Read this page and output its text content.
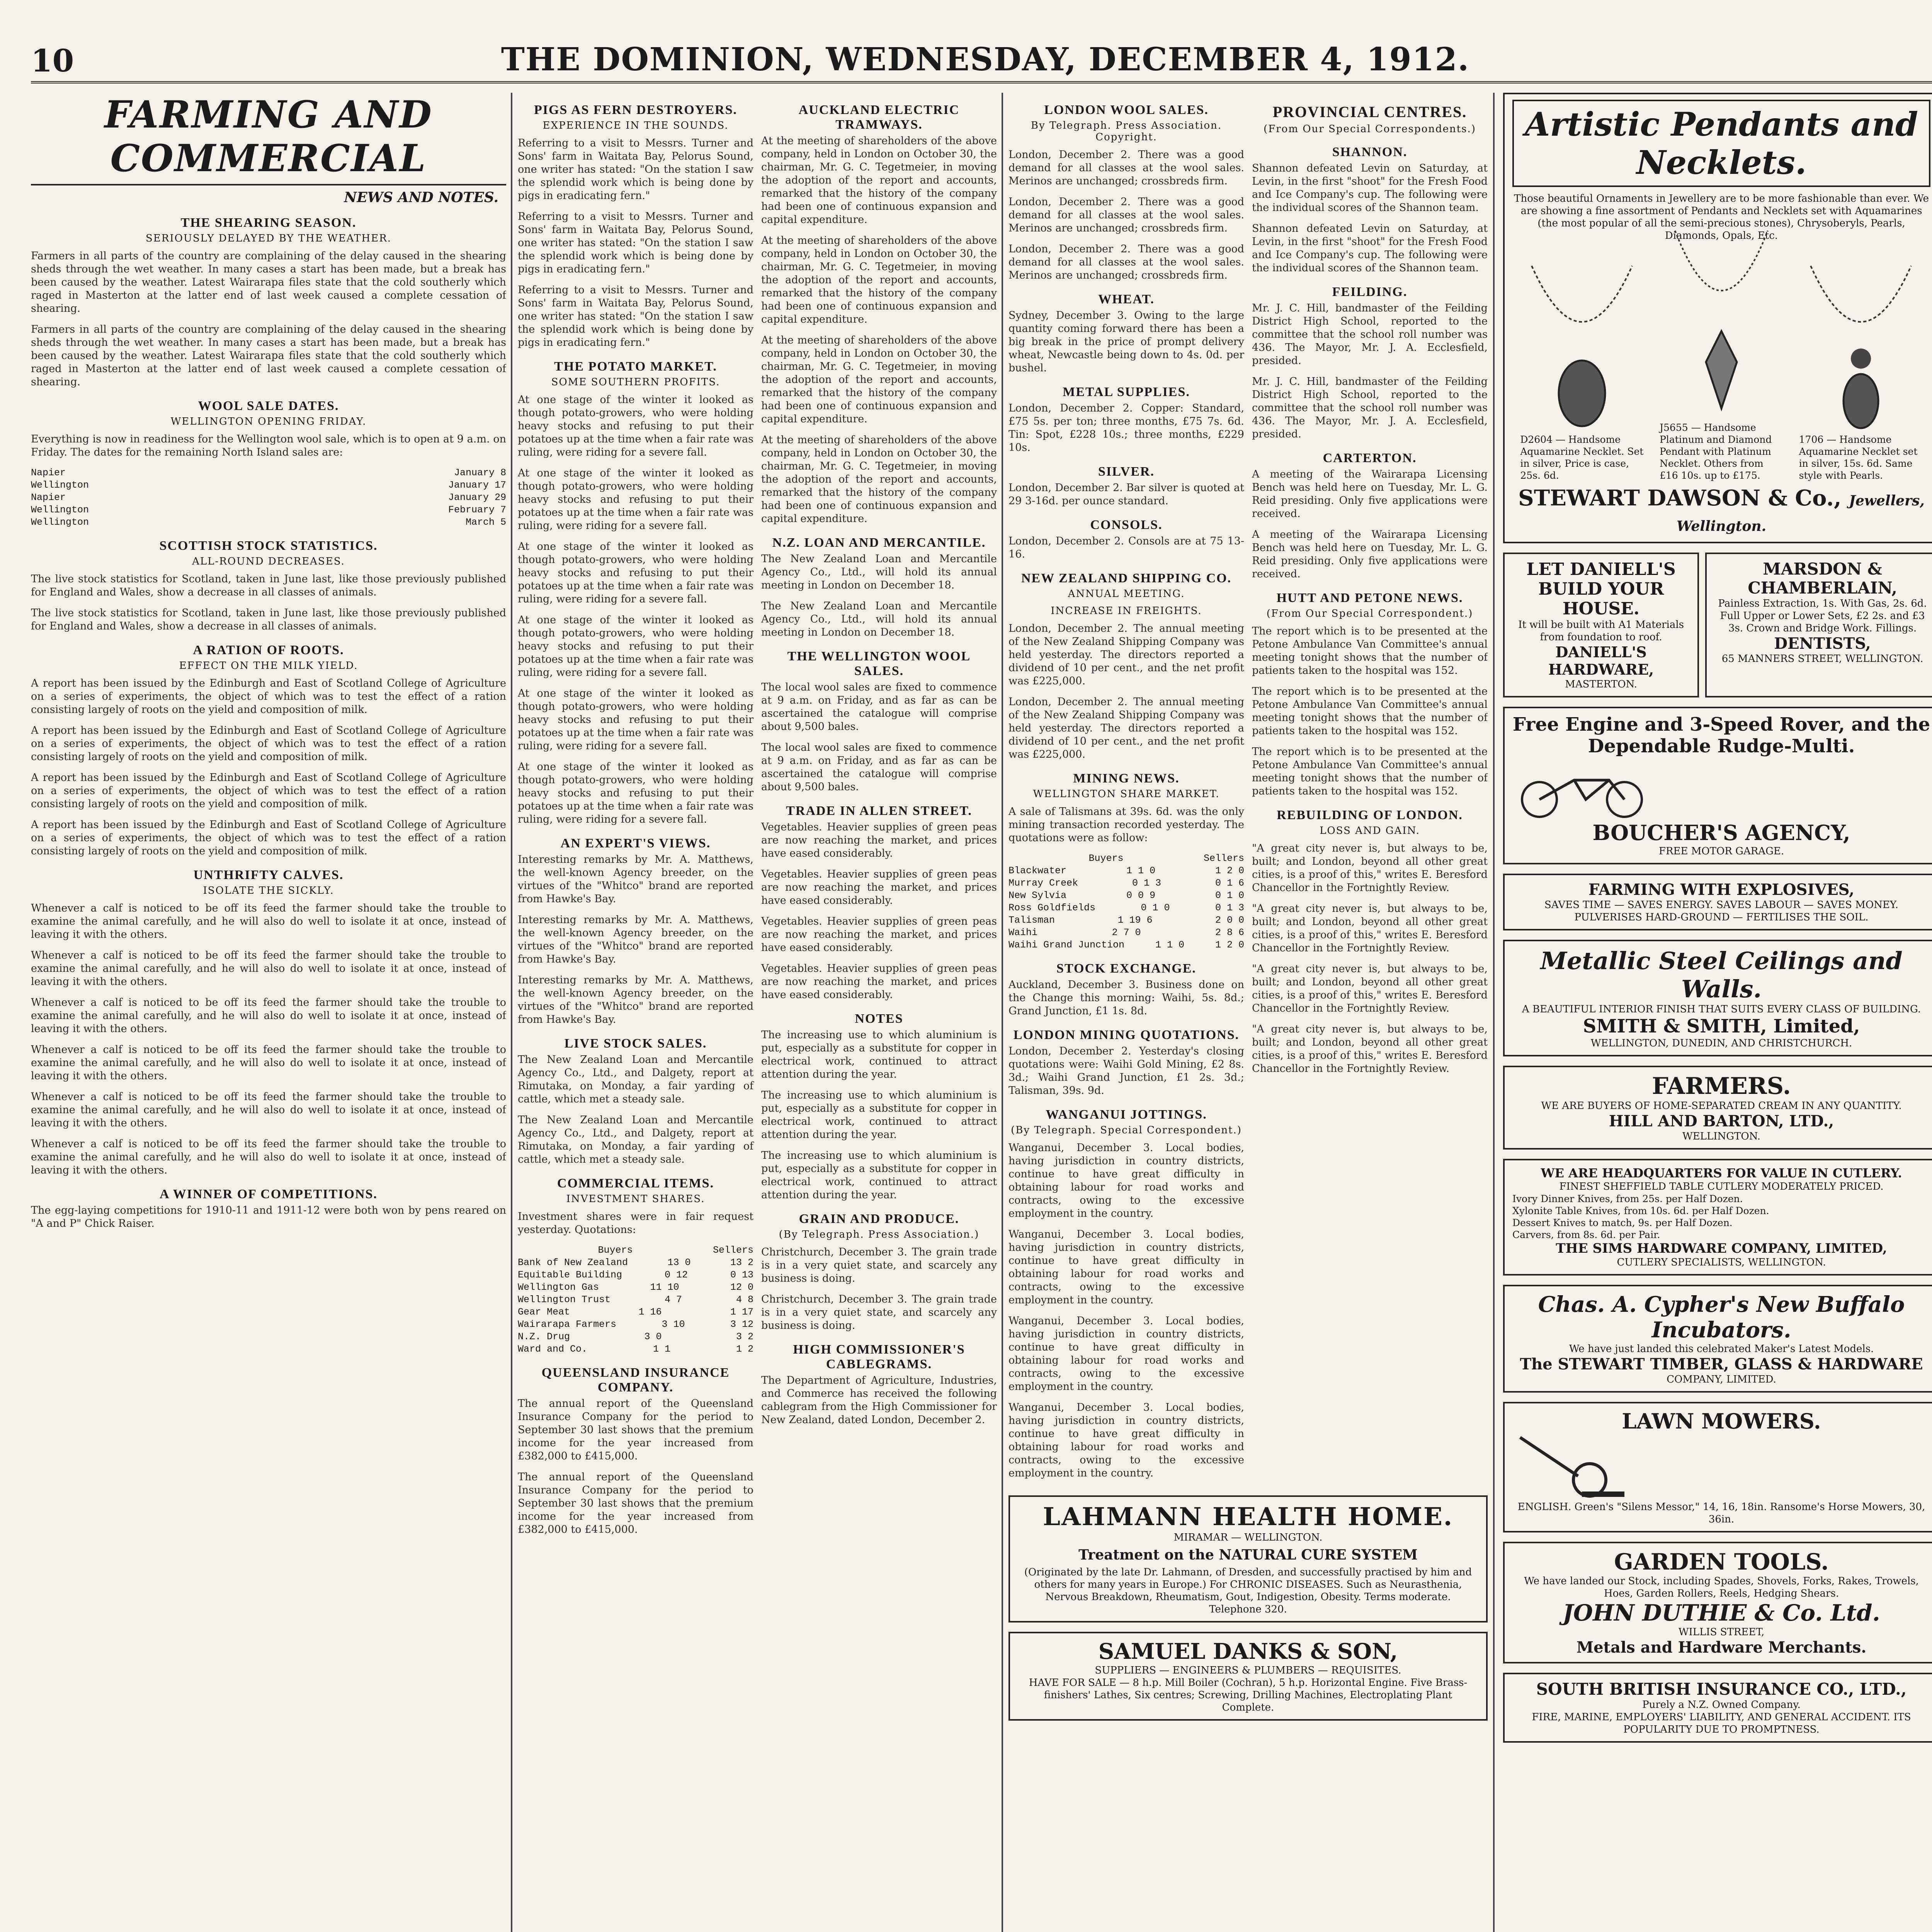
10	THE DOMINION, WEDNESDAY, DECEMBER 4, 1912.
FARMING AND COMMERCIAL
NEWS AND NOTES.
THE SHEARING SEASON.
SERIOUSLY DELAYED BY THE WEATHER.

Farmers in all parts of the country are complaining of the delay caused in the shearing sheds through the wet weather. In many cases a start has been made, but a break has been caused by the weather. Latest Wairarapa files state that the cold southerly which raged in Masterton at the latter end of last week caused a complete cessation of shearing.

Farmers in all parts of the country are complaining of the delay caused in the shearing sheds through the wet weather. In many cases a start has been made, but a break has been caused by the weather. Latest Wairarapa files state that the cold southerly which raged in Masterton at the latter end of last week caused a complete cessation of shearing.

WOOL SALE DATES.
WELLINGTON OPENING FRIDAY.

Everything is now in readiness for the Wellington wool sale, which is to open at 9 a.m. on Friday. The dates for the remaining North Island sales are:

Napier	January 8
Wellington	January 17
Napier	January 29
Wellington	February 7
Wellington	March 5
SCOTTISH STOCK STATISTICS.
ALL-ROUND DECREASES.

The live stock statistics for Scotland, taken in June last, like those previously published for England and Wales, show a decrease in all classes of animals.

The live stock statistics for Scotland, taken in June last, like those previously published for England and Wales, show a decrease in all classes of animals.

A RATION OF ROOTS.
EFFECT ON THE MILK YIELD.

A report has been issued by the Edinburgh and East of Scotland College of Agriculture on a series of experiments, the object of which was to test the effect of a ration consisting largely of roots on the yield and composition of milk.

A report has been issued by the Edinburgh and East of Scotland College of Agriculture on a series of experiments, the object of which was to test the effect of a ration consisting largely of roots on the yield and composition of milk.

A report has been issued by the Edinburgh and East of Scotland College of Agriculture on a series of experiments, the object of which was to test the effect of a ration consisting largely of roots on the yield and composition of milk.

A report has been issued by the Edinburgh and East of Scotland College of Agriculture on a series of experiments, the object of which was to test the effect of a ration consisting largely of roots on the yield and composition of milk.

UNTHRIFTY CALVES.
ISOLATE THE SICKLY.

Whenever a calf is noticed to be off its feed the farmer should take the trouble to examine the animal carefully, and he will also do well to isolate it at once, instead of leaving it with the others.

Whenever a calf is noticed to be off its feed the farmer should take the trouble to examine the animal carefully, and he will also do well to isolate it at once, instead of leaving it with the others.

Whenever a calf is noticed to be off its feed the farmer should take the trouble to examine the animal carefully, and he will also do well to isolate it at once, instead of leaving it with the others.

Whenever a calf is noticed to be off its feed the farmer should take the trouble to examine the animal carefully, and he will also do well to isolate it at once, instead of leaving it with the others.

Whenever a calf is noticed to be off its feed the farmer should take the trouble to examine the animal carefully, and he will also do well to isolate it at once, instead of leaving it with the others.

Whenever a calf is noticed to be off its feed the farmer should take the trouble to examine the animal carefully, and he will also do well to isolate it at once, instead of leaving it with the others.

A WINNER OF COMPETITIONS.

The egg-laying competitions for 1910-11 and 1911-12 were both won by pens reared on "A and P" Chick Raiser.

PIGS AS FERN DESTROYERS.
EXPERIENCE IN THE SOUNDS.

Referring to a visit to Messrs. Turner and Sons' farm in Waitata Bay, Pelorus Sound, one writer has stated: "On the station I saw the splendid work which is being done by pigs in eradicating fern."

Referring to a visit to Messrs. Turner and Sons' farm in Waitata Bay, Pelorus Sound, one writer has stated: "On the station I saw the splendid work which is being done by pigs in eradicating fern."

Referring to a visit to Messrs. Turner and Sons' farm in Waitata Bay, Pelorus Sound, one writer has stated: "On the station I saw the splendid work which is being done by pigs in eradicating fern."

THE POTATO MARKET.
SOME SOUTHERN PROFITS.

At one stage of the winter it looked as though potato-growers, who were holding heavy stocks and refusing to put their potatoes up at the time when a fair rate was ruling, were riding for a severe fall.

At one stage of the winter it looked as though potato-growers, who were holding heavy stocks and refusing to put their potatoes up at the time when a fair rate was ruling, were riding for a severe fall.

At one stage of the winter it looked as though potato-growers, who were holding heavy stocks and refusing to put their potatoes up at the time when a fair rate was ruling, were riding for a severe fall.

At one stage of the winter it looked as though potato-growers, who were holding heavy stocks and refusing to put their potatoes up at the time when a fair rate was ruling, were riding for a severe fall.

At one stage of the winter it looked as though potato-growers, who were holding heavy stocks and refusing to put their potatoes up at the time when a fair rate was ruling, were riding for a severe fall.

At one stage of the winter it looked as though potato-growers, who were holding heavy stocks and refusing to put their potatoes up at the time when a fair rate was ruling, were riding for a severe fall.

AN EXPERT'S VIEWS.

Interesting remarks by Mr. A. Matthews, the well-known Agency breeder, on the virtues of the "Whitco" brand are reported from Hawke's Bay.

Interesting remarks by Mr. A. Matthews, the well-known Agency breeder, on the virtues of the "Whitco" brand are reported from Hawke's Bay.

Interesting remarks by Mr. A. Matthews, the well-known Agency breeder, on the virtues of the "Whitco" brand are reported from Hawke's Bay.

LIVE STOCK SALES.

The New Zealand Loan and Mercantile Agency Co., Ltd., and Dalgety, report at Rimutaka, on Monday, a fair yarding of cattle, which met a steady sale.

The New Zealand Loan and Mercantile Agency Co., Ltd., and Dalgety, report at Rimutaka, on Monday, a fair yarding of cattle, which met a steady sale.

COMMERCIAL ITEMS.
INVESTMENT SHARES.

Investment shares were in fair request yesterday. Quotations:

Buyers	Sellers
Bank of New Zealand	13 0	13 2
Equitable Building	0 12	0 13
Wellington Gas	11 10	12 0
Wellington Trust	4 7	4 8
Gear Meat	1 16	1 17
Wairarapa Farmers	3 10	3 12
N.Z. Drug	3 0	3 2
Ward and Co.	1 1	1 2
QUEENSLAND INSURANCE COMPANY.

The annual report of the Queensland Insurance Company for the period to September 30 last shows that the premium income for the year increased from £382,000 to £415,000.

The annual report of the Queensland Insurance Company for the period to September 30 last shows that the premium income for the year increased from £382,000 to £415,000.

AUCKLAND ELECTRIC TRAMWAYS.

At the meeting of shareholders of the above company, held in London on October 30, the chairman, Mr. G. C. Tegetmeier, in moving the adoption of the report and accounts, remarked that the history of the company had been one of continuous expansion and capital expenditure.

At the meeting of shareholders of the above company, held in London on October 30, the chairman, Mr. G. C. Tegetmeier, in moving the adoption of the report and accounts, remarked that the history of the company had been one of continuous expansion and capital expenditure.

At the meeting of shareholders of the above company, held in London on October 30, the chairman, Mr. G. C. Tegetmeier, in moving the adoption of the report and accounts, remarked that the history of the company had been one of continuous expansion and capital expenditure.

At the meeting of shareholders of the above company, held in London on October 30, the chairman, Mr. G. C. Tegetmeier, in moving the adoption of the report and accounts, remarked that the history of the company had been one of continuous expansion and capital expenditure.

N.Z. LOAN AND MERCANTILE.

The New Zealand Loan and Mercantile Agency Co., Ltd., will hold its annual meeting in London on December 18.

The New Zealand Loan and Mercantile Agency Co., Ltd., will hold its annual meeting in London on December 18.

THE WELLINGTON WOOL SALES.

The local wool sales are fixed to commence at 9 a.m. on Friday, and as far as can be ascertained the catalogue will comprise about 9,500 bales.

The local wool sales are fixed to commence at 9 a.m. on Friday, and as far as can be ascertained the catalogue will comprise about 9,500 bales.

TRADE IN ALLEN STREET.

Vegetables. Heavier supplies of green peas are now reaching the market, and prices have eased considerably.

Vegetables. Heavier supplies of green peas are now reaching the market, and prices have eased considerably.

Vegetables. Heavier supplies of green peas are now reaching the market, and prices have eased considerably.

Vegetables. Heavier supplies of green peas are now reaching the market, and prices have eased considerably.

NOTES

The increasing use to which aluminium is put, especially as a substitute for copper in electrical work, continued to attract attention during the year.

The increasing use to which aluminium is put, especially as a substitute for copper in electrical work, continued to attract attention during the year.

The increasing use to which aluminium is put, especially as a substitute for copper in electrical work, continued to attract attention during the year.

GRAIN AND PRODUCE.
(By Telegraph. Press Association.)

Christchurch, December 3. The grain trade is in a very quiet state, and scarcely any business is doing.

Christchurch, December 3. The grain trade is in a very quiet state, and scarcely any business is doing.

HIGH COMMISSIONER'S CABLEGRAMS.

The Department of Agriculture, Industries, and Commerce has received the following cablegram from the High Commissioner for New Zealand, dated London, December 2.

LONDON WOOL SALES.
By Telegraph. Press Association. Copyright.

London, December 2. There was a good demand for all classes at the wool sales. Merinos are unchanged; crossbreds firm.

London, December 2. There was a good demand for all classes at the wool sales. Merinos are unchanged; crossbreds firm.

London, December 2. There was a good demand for all classes at the wool sales. Merinos are unchanged; crossbreds firm.

WHEAT.

Sydney, December 3. Owing to the large quantity coming forward there has been a big break in the price of prompt delivery wheat, Newcastle being down to 4s. 0d. per bushel.

METAL SUPPLIES.

London, December 2. Copper: Standard, £75 5s. per ton; three months, £75 7s. 6d. Tin: Spot, £228 10s.; three months, £229 10s.

SILVER.

London, December 2. Bar silver is quoted at 29 3-16d. per ounce standard.

CONSOLS.

London, December 2. Consols are at 75 13-16.

NEW ZEALAND SHIPPING CO.
ANNUAL MEETING.
INCREASE IN FREIGHTS.

London, December 2. The annual meeting of the New Zealand Shipping Company was held yesterday. The directors reported a dividend of 10 per cent., and the net profit was £225,000.

London, December 2. The annual meeting of the New Zealand Shipping Company was held yesterday. The directors reported a dividend of 10 per cent., and the net profit was £225,000.

MINING NEWS.
WELLINGTON SHARE MARKET.

A sale of Talismans at 39s. 6d. was the only mining transaction recorded yesterday. The quotations were as follow:

Buyers	Sellers
Blackwater	1 1 0	1 2 0
Murray Creek	0 1 3	0 1 6
New Sylvia	0 0 9	0 1 0
Ross Goldfields	0 1 0	0 1 3
Talisman	1 19 6	2 0 0
Waihi	2 7 0	2 8 6
Waihi Grand Junction	1 1 0	1 2 0
STOCK EXCHANGE.

Auckland, December 3. Business done on the Change this morning: Waihi, 5s. 8d.; Grand Junction, £1 1s. 8d.

LONDON MINING QUOTATIONS.

London, December 2. Yesterday's closing quotations were: Waihi Gold Mining, £2 8s. 3d.; Waihi Grand Junction, £1 2s. 3d.; Talisman, 39s. 9d.

WANGANUI JOTTINGS.
(By Telegraph. Special Correspondent.)

Wanganui, December 3. Local bodies, having jurisdiction in country districts, continue to have great difficulty in obtaining labour for road works and contracts, owing to the excessive employment in the country.

Wanganui, December 3. Local bodies, having jurisdiction in country districts, continue to have great difficulty in obtaining labour for road works and contracts, owing to the excessive employment in the country.

Wanganui, December 3. Local bodies, having jurisdiction in country districts, continue to have great difficulty in obtaining labour for road works and contracts, owing to the excessive employment in the country.

Wanganui, December 3. Local bodies, having jurisdiction in country districts, continue to have great difficulty in obtaining labour for road works and contracts, owing to the excessive employment in the country.

PROVINCIAL CENTRES.
(From Our Special Correspondents.)
SHANNON.

Shannon defeated Levin on Saturday, at Levin, in the first "shoot" for the Fresh Food and Ice Company's cup. The following were the individual scores of the Shannon team.

Shannon defeated Levin on Saturday, at Levin, in the first "shoot" for the Fresh Food and Ice Company's cup. The following were the individual scores of the Shannon team.

FEILDING.

Mr. J. C. Hill, bandmaster of the Feilding District High School, reported to the committee that the school roll number was 436. The Mayor, Mr. J. A. Ecclesfield, presided.

Mr. J. C. Hill, bandmaster of the Feilding District High School, reported to the committee that the school roll number was 436. The Mayor, Mr. J. A. Ecclesfield, presided.

CARTERTON.

A meeting of the Wairarapa Licensing Bench was held here on Tuesday, Mr. L. G. Reid presiding. Only five applications were received.

A meeting of the Wairarapa Licensing Bench was held here on Tuesday, Mr. L. G. Reid presiding. Only five applications were received.

HUTT AND PETONE NEWS.
(From Our Special Correspondent.)

The report which is to be presented at the Petone Ambulance Van Committee's annual meeting tonight shows that the number of patients taken to the hospital was 152.

The report which is to be presented at the Petone Ambulance Van Committee's annual meeting tonight shows that the number of patients taken to the hospital was 152.

The report which is to be presented at the Petone Ambulance Van Committee's annual meeting tonight shows that the number of patients taken to the hospital was 152.

REBUILDING OF LONDON.
LOSS AND GAIN.

"A great city never is, but always to be, built; and London, beyond all other great cities, is a proof of this," writes E. Beresford Chancellor in the Fortnightly Review.

"A great city never is, but always to be, built; and London, beyond all other great cities, is a proof of this," writes E. Beresford Chancellor in the Fortnightly Review.

"A great city never is, but always to be, built; and London, beyond all other great cities, is a proof of this," writes E. Beresford Chancellor in the Fortnightly Review.

"A great city never is, but always to be, built; and London, beyond all other great cities, is a proof of this," writes E. Beresford Chancellor in the Fortnightly Review.

LAHMANN HEALTH HOME.
MIRAMAR — WELLINGTON.
Treatment on the NATURAL CURE SYSTEM
(Originated by the late Dr. Lahmann, of Dresden, and successfully practised by him and others for many years in Europe.) For CHRONIC DISEASES. Such as Neurasthenia, Nervous Breakdown, Rheumatism, Gout, Indigestion, Obesity. Terms moderate. Telephone 320.
SAMUEL DANKS & SON,
SUPPLIERS — ENGINEERS & PLUMBERS — REQUISITES.
HAVE FOR SALE — 8 h.p. Mill Boiler (Cochran), 5 h.p. Horizontal Engine. Five Brass-finishers' Lathes, Six centres; Screwing, Drilling Machines, Electroplating Plant Complete.
Artistic Pendants and Necklets.
Those beautiful Ornaments in Jewellery are to be more fashionable than ever. We are showing a fine assortment of Pendants and Necklets set with Aquamarines (the most popular of all the semi-precious stones), Chrysoberyls, Pearls, Diamonds, Opals, Etc.
D2604 — Handsome Aquamarine Necklet. Set in silver, Price is case, 25s. 6d.
J5655 — Handsome Platinum and Diamond Pendant with Platinum Necklet. Others from £16 10s. up to £175.
1706 — Handsome Aquamarine Necklet set in silver, 15s. 6d. Same style with Pearls.
STEWART DAWSON & Co., Jewellers, Wellington.
LET DANIELL'S BUILD YOUR HOUSE.
It will be built with A1 Materials from foundation to roof.
DANIELL'S HARDWARE,
MASTERTON.
MARSDON & CHAMBERLAIN,
Painless Extraction, 1s. With Gas, 2s. 6d. Full Upper or Lower Sets, £2 2s. and £3 3s. Crown and Bridge Work. Fillings.
DENTISTS,
65 MANNERS STREET, WELLINGTON.
Free Engine and 3-Speed Rover, and the Dependable Rudge-Multi.
BOUCHER'S AGENCY,
FREE MOTOR GARAGE.
FARMING WITH EXPLOSIVES,
SAVES TIME — SAVES ENERGY. SAVES LABOUR — SAVES MONEY. PULVERISES HARD-GROUND — FERTILISES THE SOIL.
Metallic Steel Ceilings and Walls.
A BEAUTIFUL INTERIOR FINISH THAT SUITS EVERY CLASS OF BUILDING.
SMITH & SMITH, Limited,
WELLINGTON, DUNEDIN, AND CHRISTCHURCH.
FARMERS.
WE ARE BUYERS OF HOME-SEPARATED CREAM IN ANY QUANTITY.
HILL AND BARTON, LTD.,
WELLINGTON.
WE ARE HEADQUARTERS FOR VALUE IN CUTLERY.
FINEST SHEFFIELD TABLE CUTLERY MODERATELY PRICED.
Ivory Dinner Knives, from 25s. per Half Dozen.
Xylonite Table Knives, from 10s. 6d. per Half Dozen.
Dessert Knives to match, 9s. per Half Dozen.
Carvers, from 8s. 6d. per Pair.
THE SIMS HARDWARE COMPANY, LIMITED,
CUTLERY SPECIALISTS, WELLINGTON.
Chas. A. Cypher's New Buffalo Incubators.
We have just landed this celebrated Maker's Latest Models.
The STEWART TIMBER, GLASS & HARDWARE
COMPANY, LIMITED.
LAWN MOWERS.
ENGLISH. Green's "Silens Messor," 14, 16, 18in. Ransome's Horse Mowers, 30, 36in.
GARDEN TOOLS.
We have landed our Stock, including Spades, Shovels, Forks, Rakes, Trowels, Hoes, Garden Rollers, Reels, Hedging Shears.
JOHN DUTHIE & Co. Ltd.
WILLIS STREET,
Metals and Hardware Merchants.
SOUTH BRITISH INSURANCE CO., LTD.,
Purely a N.Z. Owned Company.
FIRE, MARINE, EMPLOYERS' LIABILITY, AND GENERAL ACCIDENT. ITS POPULARITY DUE TO PROMPTNESS.
